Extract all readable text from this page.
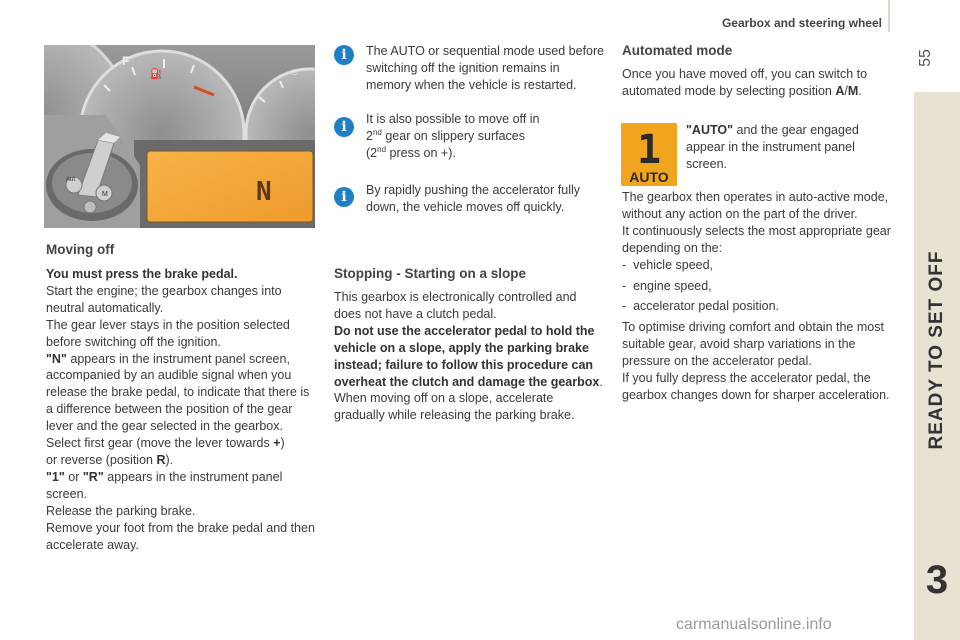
Gearbox and steering wheel
55
READY TO SET OFF
3
F
⛽	♨
N
Aut
M
Moving off

You must press the brake pedal.

Start the engine; the gearbox changes into neutral automatically.

The gear lever stays in the position selected before switching off the ignition.

"N" appears in the instrument panel screen, accompanied by an audible signal when you release the brake pedal, to indicate that there is a difference between the position of the gear lever and the gear selected in the gearbox.

Select first gear (move the lever towards +)
or reverse (position R).

"1" or "R" appears in the instrument panel screen.

Release the parking brake.

Remove your foot from the brake pedal and then accelerate away.

i	The AUTO or sequential mode used before switching off the ignition remains in memory when the vehicle is restarted.
i	It is also possible to move off in
2nd gear on slippery surfaces
(2nd press on +).
i	By rapidly pushing the accelerator fully down, the vehicle moves off quickly.
Stopping - Starting on a slope

This gearbox is electronically controlled and does not have a clutch pedal.

Do not use the accelerator pedal to hold the vehicle on a slope, apply the parking brake instead; failure to follow this procedure can overheat the clutch and damage the gearbox.

When moving off on a slope, accelerate gradually while releasing the parking brake.

Automated mode

Once you have moved off, you can switch to automated mode by selecting position A/M.

1
AUTO

"AUTO" and the gear engaged appear in the instrument panel screen.

The gearbox then operates in auto-active mode, without any action on the part of the driver.

It continuously selects the most appropriate gear depending on the:

-  vehicle speed,

-  engine speed,

-  accelerator pedal position.

To optimise driving comfort and obtain the most suitable gear, avoid sharp variations in the pressure on the accelerator pedal.

If you fully depress the accelerator pedal, the gearbox changes down for sharper acceleration.

carmanualsonline.info
